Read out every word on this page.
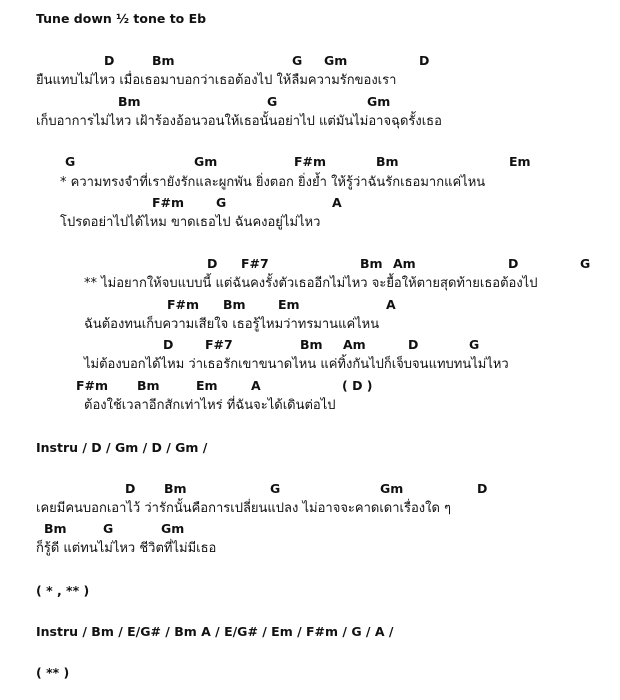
Tune down ½ tone to Eb
D	Bm	G Gm	D
ยืนแทบไม่ไหว เมื่อเธอมาบอกว่าเธอต้องไป ให้ลืมความรักของเรา
Bm	G	Gm
เก็บอาการไม่ไหว เฝ้าร้องอ้อนวอนให้เธอนั้นอย่าไป แต่มันไม่อาจฉุดรั้งเธอ
G	Gm	F#m	Bm	Em
* ความทรงจำที่เรายังรักและผูกพัน ยิ่งตอก ยิ่งย้ำ ให้รู้ว่าฉันรักเธอมากแค่ไหน
F#m	G	A
โปรดอย่าไปได้ไหม ขาดเธอไป ฉันคงอยู่ไม่ไหว
D F#7	Bm Am	D	G
** ไม่อยากให้จบแบบนี้ แต่ฉันคงรั้งตัวเธออีกไม่ไหว จะยื้อให้ตายสุดท้ายเธอต้องไป
F#m Bm	Em	A
ฉันต้องทนเก็บความเสียใจ เธอรู้ไหมว่าทรมานแค่ไหน
D	F#7	Bm Am	D	G
ไม่ต้องบอกได้ไหม ว่าเธอรักเขาขนาดไหน แค่ทิ้งกันไปก็เจ็บจนแทบทนไม่ไหว
F#m Bm	Em	A	( D )
ต้องใช้เวลาอีกสักเท่าไหร่ ที่ฉันจะได้เดินต่อไป
Instru / D / Gm / D / Gm /
D Bm	G	Gm	D
เคยมีคนบอกเอาไว้ ว่ารักนั้นคือการเปลี่ยนแปลง ไม่อาจจะคาดเดาเรื่องใด ๆ
Bm	G	Gm
ก็รู้ดี แต่ทนไม่ไหว ชีวิตที่ไม่มีเธอ
( * , ** )
Instru / Bm / E/G# / Bm A / E/G# / Em / F#m / G / A /
( ** )
